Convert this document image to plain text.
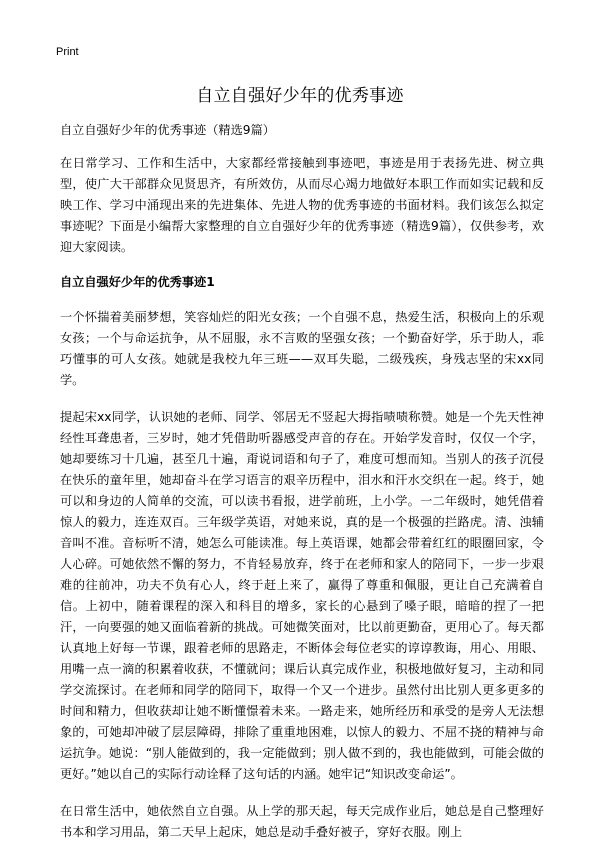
Print
自立自强好少年的优秀事迹

自立自强好少年的优秀事迹（精选9篇）

在日常学习、工作和生活中，大家都经常接触到事迹吧，事迹是用于表扬先进、树立典型，使广大干部群众见贤思齐，有所效仿，从而尽心竭力地做好本职工作而如实记载和反映工作、学习中涌现出来的先进集体、先进人物的优秀事迹的书面材料。我们该怎么拟定事迹呢？下面是小编帮大家整理的自立自强好少年的优秀事迹（精选9篇），仅供参考，欢迎大家阅读。

自立自强好少年的优秀事迹1

一个怀揣着美丽梦想，笑容灿烂的阳光女孩；一个自强不息，热爱生活，积极向上的乐观女孩；一个与命运抗争，从不屈服，永不言败的坚强女孩；一个勤奋好学，乐于助人，乖巧懂事的可人女孩。她就是我校九年三班——双耳失聪，二级残疾，身残志坚的宋xx同学。

提起宋xx同学，认识她的老师、同学、邻居无不竖起大拇指啧啧称赞。她是一个先天性神经性耳聋患者，三岁时，她才凭借助听器感受声音的存在。开始学发音时，仅仅一个字，她却要练习十几遍，甚至几十遍，甭说词语和句子了，难度可想而知。当别人的孩子沉侵在快乐的童年里，她却奋斗在学习语言的艰辛历程中，泪水和汗水交织在一起。终于，她可以和身边的人简单的交流，可以读书看报，进学前班，上小学。一二年级时，她凭借着惊人的毅力，连连双百。三年级学英语，对她来说，真的是一个极强的拦路虎。清、浊辅音叫不准。音标听不清，她怎么可能读准。每上英语课，她都会带着红红的眼圈回家，令人心碎。可她依然不懈的努力，不肯轻易放弃，终于在老师和家人的陪同下，一步一步艰难的往前冲，功夫不负有心人，终于赶上来了，赢得了尊重和佩服，更让自己充满着自信。上初中，随着课程的深入和科目的增多，家长的心悬到了嗓子眼，暗暗的捏了一把汗，一向要强的她又面临着新的挑战。可她微笑面对，比以前更勤奋，更用心了。每天都认真地上好每一节课，跟着老师的思路走，不断体会每位老实的谆谆教诲，用心、用眼、用嘴一点一滴的积累着收获，不懂就问；课后认真完成作业，积极地做好复习，主动和同学交流探讨。在老师和同学的陪同下，取得一个又一个进步。虽然付出比别人更多更多的时间和精力，但收获却让她不断懂憬着未来。一路走来，她所经历和承受的是旁人无法想象的，可她却冲破了层层障碍，排除了重重地困难，以惊人的毅力、不屈不挠的精神与命运抗争。她说：“别人能做到的，我一定能做到；别人做不到的，我也能做到，可能会做的更好。”她以自己的实际行动诠释了这句话的内涵。她牢记“知识改变命运”。

在日常生活中，她依然自立自强。从上学的那天起，每天完成作业后，她总是自己整理好书本和学习用品，第二天早上起床，她总是动手叠好被子，穿好衣服。刚上
